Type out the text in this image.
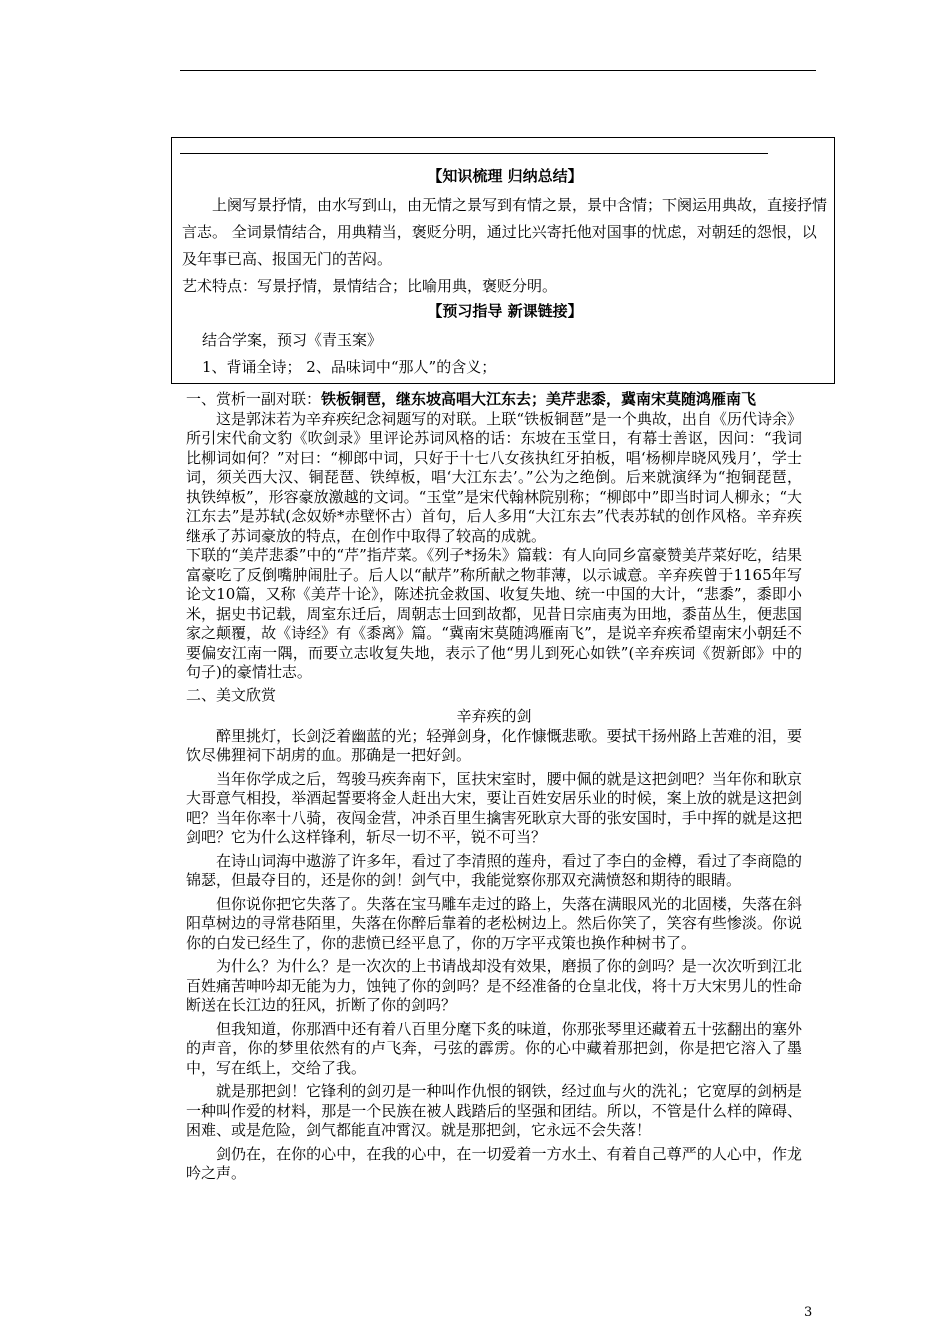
【知识梳理 归纳总结】

上阕写景抒情，由水写到山，由无情之景写到有情之景，景中含情；下阕运用典故，直接抒情言志。 全词景情结合，用典精当，褒贬分明，通过比兴寄托他对国事的忧虑，对朝廷的怨恨，以及年事已高、报国无门的苦闷。

艺术特点：写景抒情，景情结合；比喻用典，褒贬分明。

【预习指导 新课链接】

结合学案，预习《青玉案》

1、背诵全诗； 2、品味词中“那人”的含义；

一、赏析一副对联：铁板铜琶，继东坡高唱大江东去；美芹悲黍，冀南宋莫随鸿雁南飞

这是郭沫若为辛弃疾纪念祠题写的对联。上联“铁板铜琶”是一个典故，出自《历代诗余》所引宋代俞文豹《吹剑录》里评论苏词风格的话：东坡在玉堂日，有幕士善讴，因问：“我词比柳词如何？”对曰：“柳郎中词，只好于十七八女孩执红牙拍板，唱‘杨柳岸晓风残月’，学士词，须关西大汉、铜琵琶、铁绰板，唱‘大江东去’。”公为之绝倒。后来就演绎为“抱铜琵琶，执铁绰板”，形容豪放激越的文词。“玉堂”是宋代翰林院别称；“柳郎中”即当时词人柳永；“大江东去”是苏轼(念奴娇*赤壁怀古）首句，后人多用“大江东去”代表苏轼的创作风格。辛弃疾继承了苏词豪放的特点，在创作中取得了较高的成就。

下联的“美芹悲黍”中的“芹”指芹菜。《列子*扬朱》篇载：有人向同乡富豪赞美芹菜好吃，结果富豪吃了反倒嘴肿闹肚子。后人以“献芹”称所献之物菲薄，以示诚意。辛弃疾曾于1165年写论文10篇，又称《美芹十论》，陈述抗金救国、收复失地、统一中国的大计，“悲黍”，黍即小米，据史书记载，周室东迁后，周朝志士回到故都，见昔日宗庙夷为田地，黍苗丛生，便悲国家之颠覆，故《诗经》有《黍离》篇。“冀南宋莫随鸿雁南飞”，是说辛弃疾希望南宋小朝廷不要偏安江南一隅，而要立志收复失地，表示了他“男儿到死心如铁”(辛弃疾词《贺新郎》中的句子)的豪情壮志。

二、美文欣赏

辛弃疾的剑

醉里挑灯，长剑泛着幽蓝的光；轻弹剑身，化作慷慨悲歌。要拭干扬州路上苦难的泪，要饮尽佛狸祠下胡虏的血。那确是一把好剑。

当年你学成之后，驾骏马疾奔南下，匡扶宋室时，腰中佩的就是这把剑吧？当年你和耿京大哥意气相投，举酒起誓要将金人赶出大宋，要让百姓安居乐业的时候，案上放的就是这把剑吧？当年你率十八骑，夜闯金营，冲杀百里生擒害死耿京大哥的张安国时，手中挥的就是这把剑吧？它为什么这样锋利，斩尽一切不平，锐不可当？

在诗山词海中遨游了许多年，看过了李清照的莲舟，看过了李白的金樽，看过了李商隐的锦瑟，但最夺目的，还是你的剑！剑气中，我能觉察你那双充满愤怒和期待的眼睛。

但你说你把它失落了。失落在宝马雕车走过的路上，失落在满眼风光的北固楼，失落在斜阳草树边的寻常巷陌里，失落在你醉后靠着的老松树边上。然后你笑了，笑容有些惨淡。你说你的白发已经生了，你的悲愤已经平息了，你的万字平戎策也换作种树书了。

为什么？为什么？是一次次的上书请战却没有效果，磨损了你的剑吗？是一次次听到江北百姓痛苦呻吟却无能为力，蚀钝了你的剑吗？是不经准备的仓皇北伐，将十万大宋男儿的性命断送在长江边的狂风，折断了你的剑吗？

但我知道，你那酒中还有着八百里分麾下炙的味道，你那张琴里还藏着五十弦翻出的塞外的声音，你的梦里依然有的卢飞奔，弓弦的霹雳。你的心中藏着那把剑，你是把它溶入了墨中，写在纸上，交给了我。

就是那把剑！它锋利的剑刃是一种叫作仇恨的钢铁，经过血与火的洗礼；它宽厚的剑柄是一种叫作爱的材料，那是一个民族在被人践踏后的坚强和团结。所以，不管是什么样的障碍、困难、或是危险，剑气都能直冲霄汉。就是那把剑，它永远不会失落！

剑仍在，在你的心中，在我的心中，在一切爱着一方水土、有着自己尊严的人心中，作龙吟之声。

3
